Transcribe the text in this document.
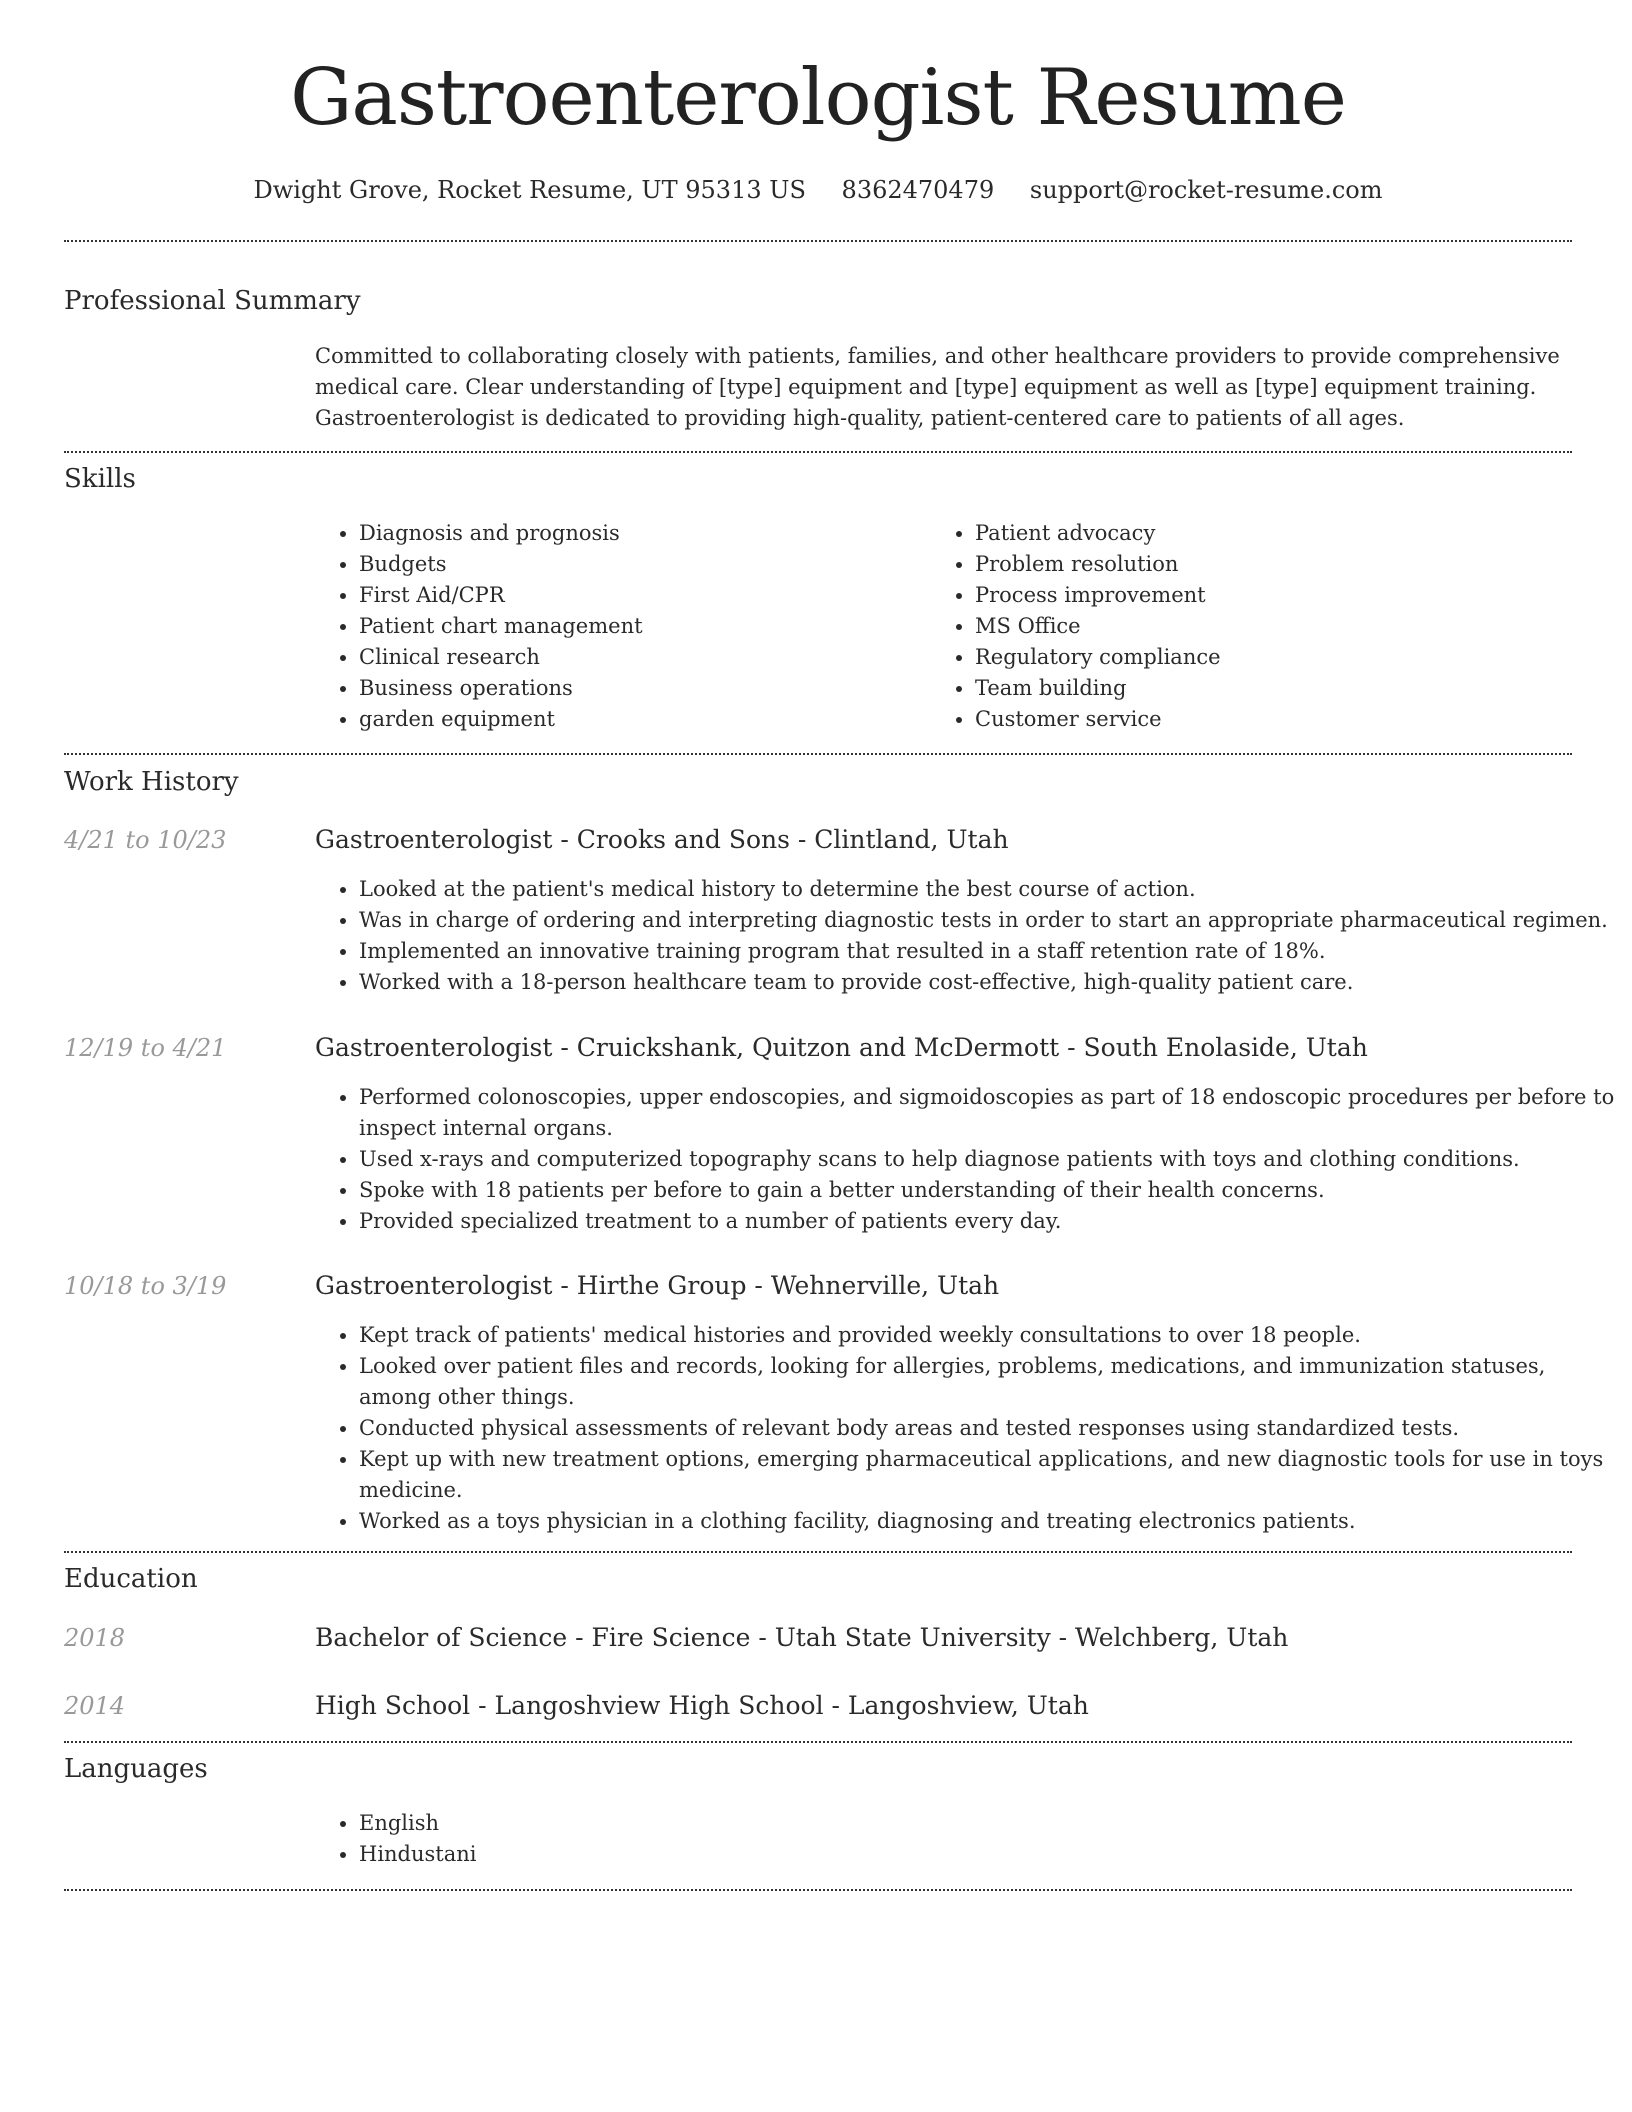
Gastroenterologist Resume
Dwight Grove, Rocket Resume, UT 95313 US 8362470479 support@rocket-resume.com
Professional Summary

Committed to collaborating closely with patients, families, and other healthcare providers to provide comprehensive medical care. Clear understanding of [type] equipment and [type] equipment as well as [type] equipment training. Gastroenterologist is dedicated to providing high-quality, patient-centered care to patients of all ages.

Skills
• Diagnosis and prognosis
• Budgets
• First Aid/CPR
• Patient chart management
• Clinical research
• Business operations
• garden equipment
• Patient advocacy
• Problem resolution
• Process improvement
• MS Office
• Regulatory compliance
• Team building
• Customer service
Work History
4/21 to 10/23	Gastroenterologist - Crooks and Sons - Clintland, Utah
• Looked at the patient's medical history to determine the best course of action.
• Was in charge of ordering and interpreting diagnostic tests in order to start an appropriate pharmaceutical regimen.
• Implemented an innovative training program that resulted in a staff retention rate of 18%.
• Worked with a 18-person healthcare team to provide cost-effective, high-quality patient care.
12/19 to 4/21	Gastroenterologist - Cruickshank, Quitzon and McDermott - South Enolaside, Utah
• Performed colonoscopies, upper endoscopies, and sigmoidoscopies as part of 18 endoscopic procedures per before to inspect internal organs.
• Used x-rays and computerized topography scans to help diagnose patients with toys and clothing conditions.
• Spoke with 18 patients per before to gain a better understanding of their health concerns.
• Provided specialized treatment to a number of patients every day.
10/18 to 3/19	Gastroenterologist - Hirthe Group - Wehnerville, Utah
• Kept track of patients' medical histories and provided weekly consultations to over 18 people.
• Looked over patient files and records, looking for allergies, problems, medications, and immunization statuses, among other things.
• Conducted physical assessments of relevant body areas and tested responses using standardized tests.
• Kept up with new treatment options, emerging pharmaceutical applications, and new diagnostic tools for use in toys medicine.
• Worked as a toys physician in a clothing facility, diagnosing and treating electronics patients.
Education
2018	Bachelor of Science - Fire Science - Utah State University - Welchberg, Utah
2014	High School - Langoshview High School - Langoshview, Utah
Languages
• English
• Hindustani
